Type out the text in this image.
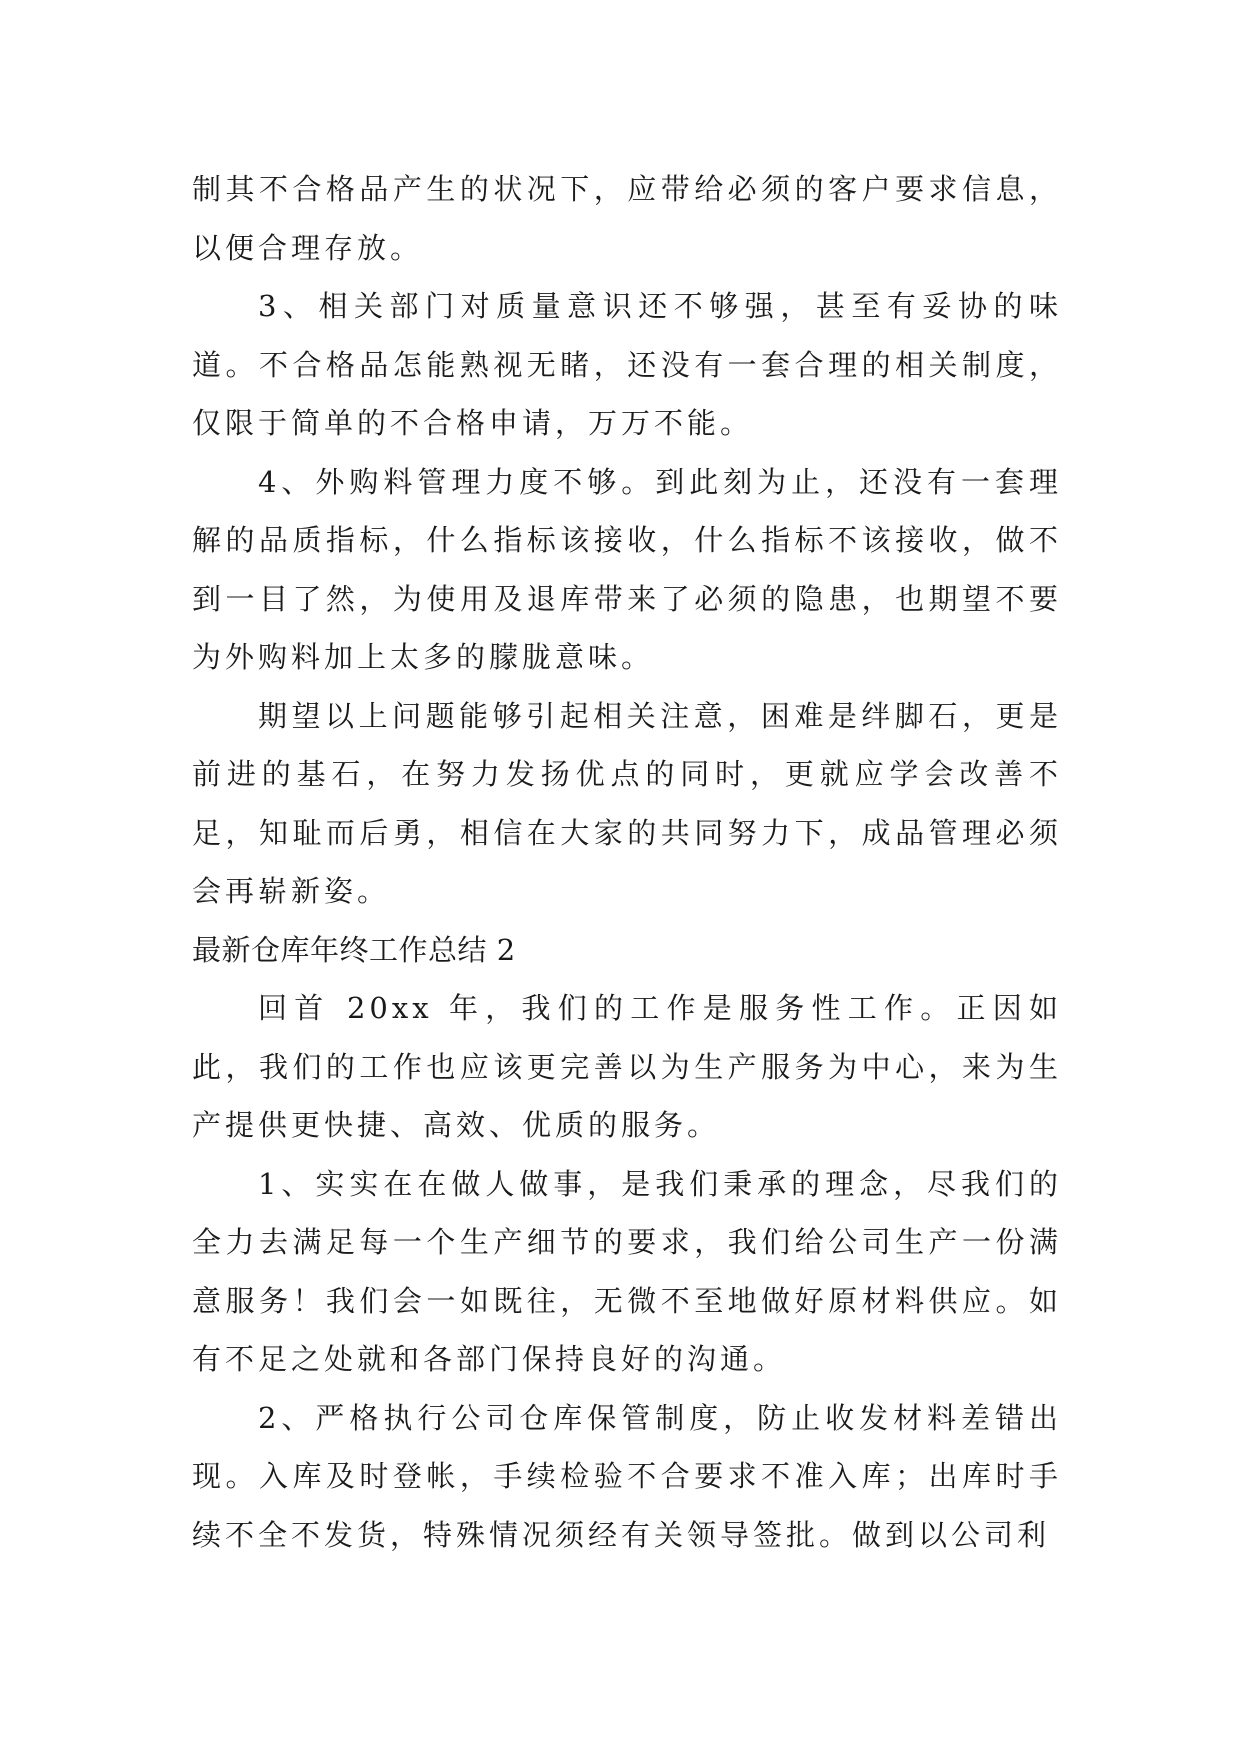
制其不合格品产生的状况下，应带给必须的客户要求信息，以便合理存放。

3、相关部门对质量意识还不够强，甚至有妥协的味道。不合格品怎能熟视无睹，还没有一套合理的相关制度，仅限于简单的不合格申请，万万不能。

4、外购料管理力度不够。到此刻为止，还没有一套理解的品质指标，什么指标该接收，什么指标不该接收，做不到一目了然，为使用及退库带来了必须的隐患，也期望不要为外购料加上太多的朦胧意味。

期望以上问题能够引起相关注意，困难是绊脚石，更是前进的基石，在努力发扬优点的同时，更就应学会改善不足，知耻而后勇，相信在大家的共同努力下，成品管理必须会再崭新姿。

最新仓库年终工作总结 2

回首 20xx 年，我们的工作是服务性工作。正因如此，我们的工作也应该更完善以为生产服务为中心，来为生产提供更快捷、高效、优质的服务。

1、实实在在做人做事，是我们秉承的理念，尽我们的全力去满足每一个生产细节的要求，我们给公司生产一份满意服务！我们会一如既往，无微不至地做好原材料供应。如有不足之处就和各部门保持良好的沟通。

2、严格执行公司仓库保管制度，防止收发材料差错出现。入库及时登帐，手续检验不合要求不准入库；出库时手续不全不发货，特殊情况须经有关领导签批。做到以公司利
